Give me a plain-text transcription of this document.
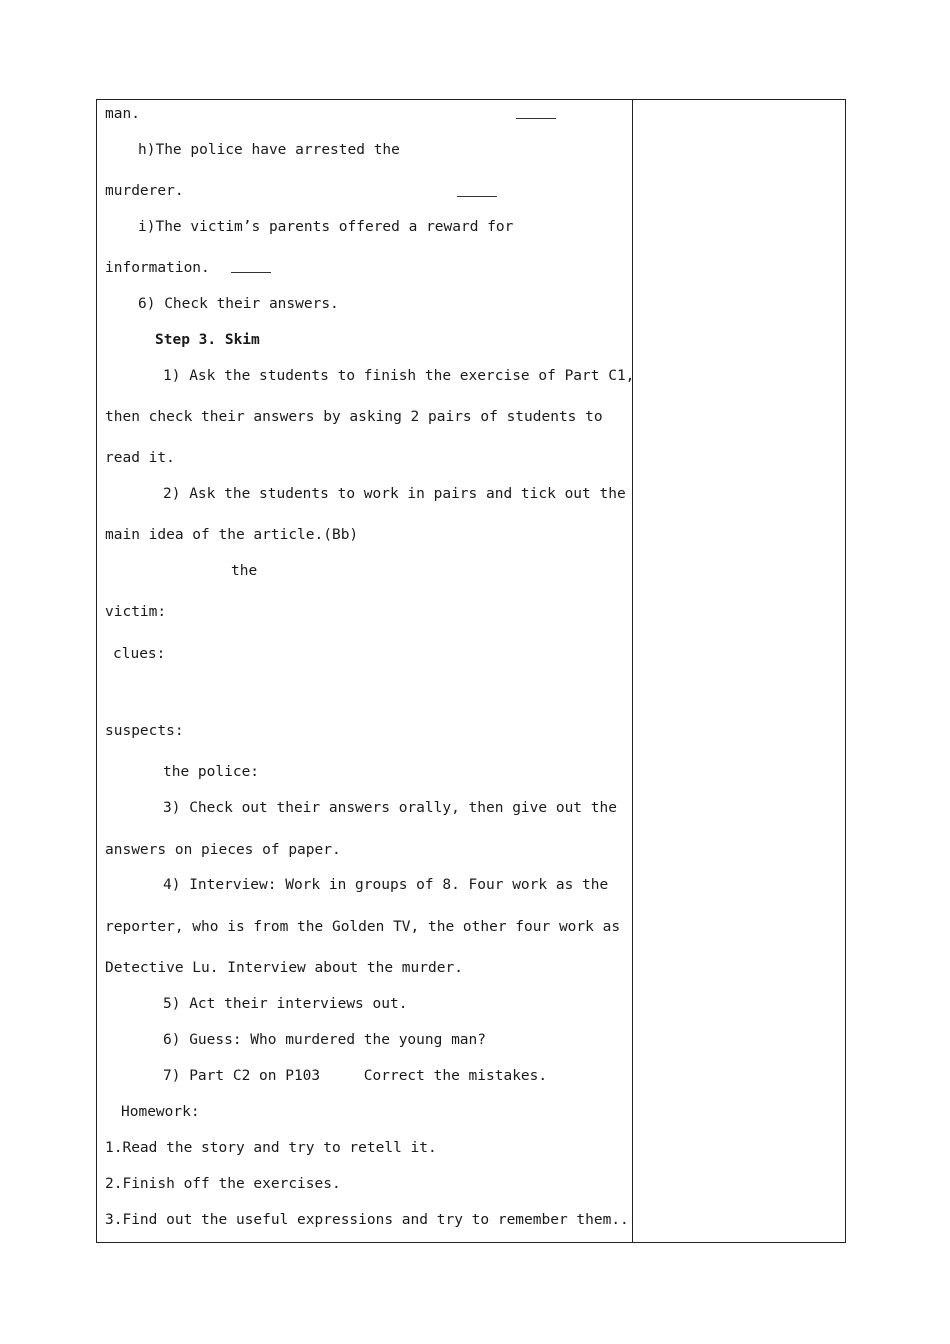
man.
h)The police have arrested the
murderer.
i)The victim’s parents offered a reward for
information.
6) Check their answers.
Step 3. Skim
1) Ask the students to finish the exercise of Part C1,
then check their answers by asking 2 pairs of students to
read it.
2) Ask the students to work in pairs and tick out the
main idea of the article.(Bb)
the
victim:
clues:
suspects:
the police:
3) Check out their answers orally, then give out the
answers on pieces of paper.
4) Interview: Work in groups of 8. Four work as the
reporter, who is from the Golden TV, the other four work as
Detective Lu. Interview about the murder.
5) Act their interviews out.
6) Guess: Who murdered the young man?
7) Part C2 on P103     Correct the mistakes.
Homework:
1.Read the story and try to retell it.
2.Finish off the exercises.
3.Find out the useful expressions and try to remember them..
